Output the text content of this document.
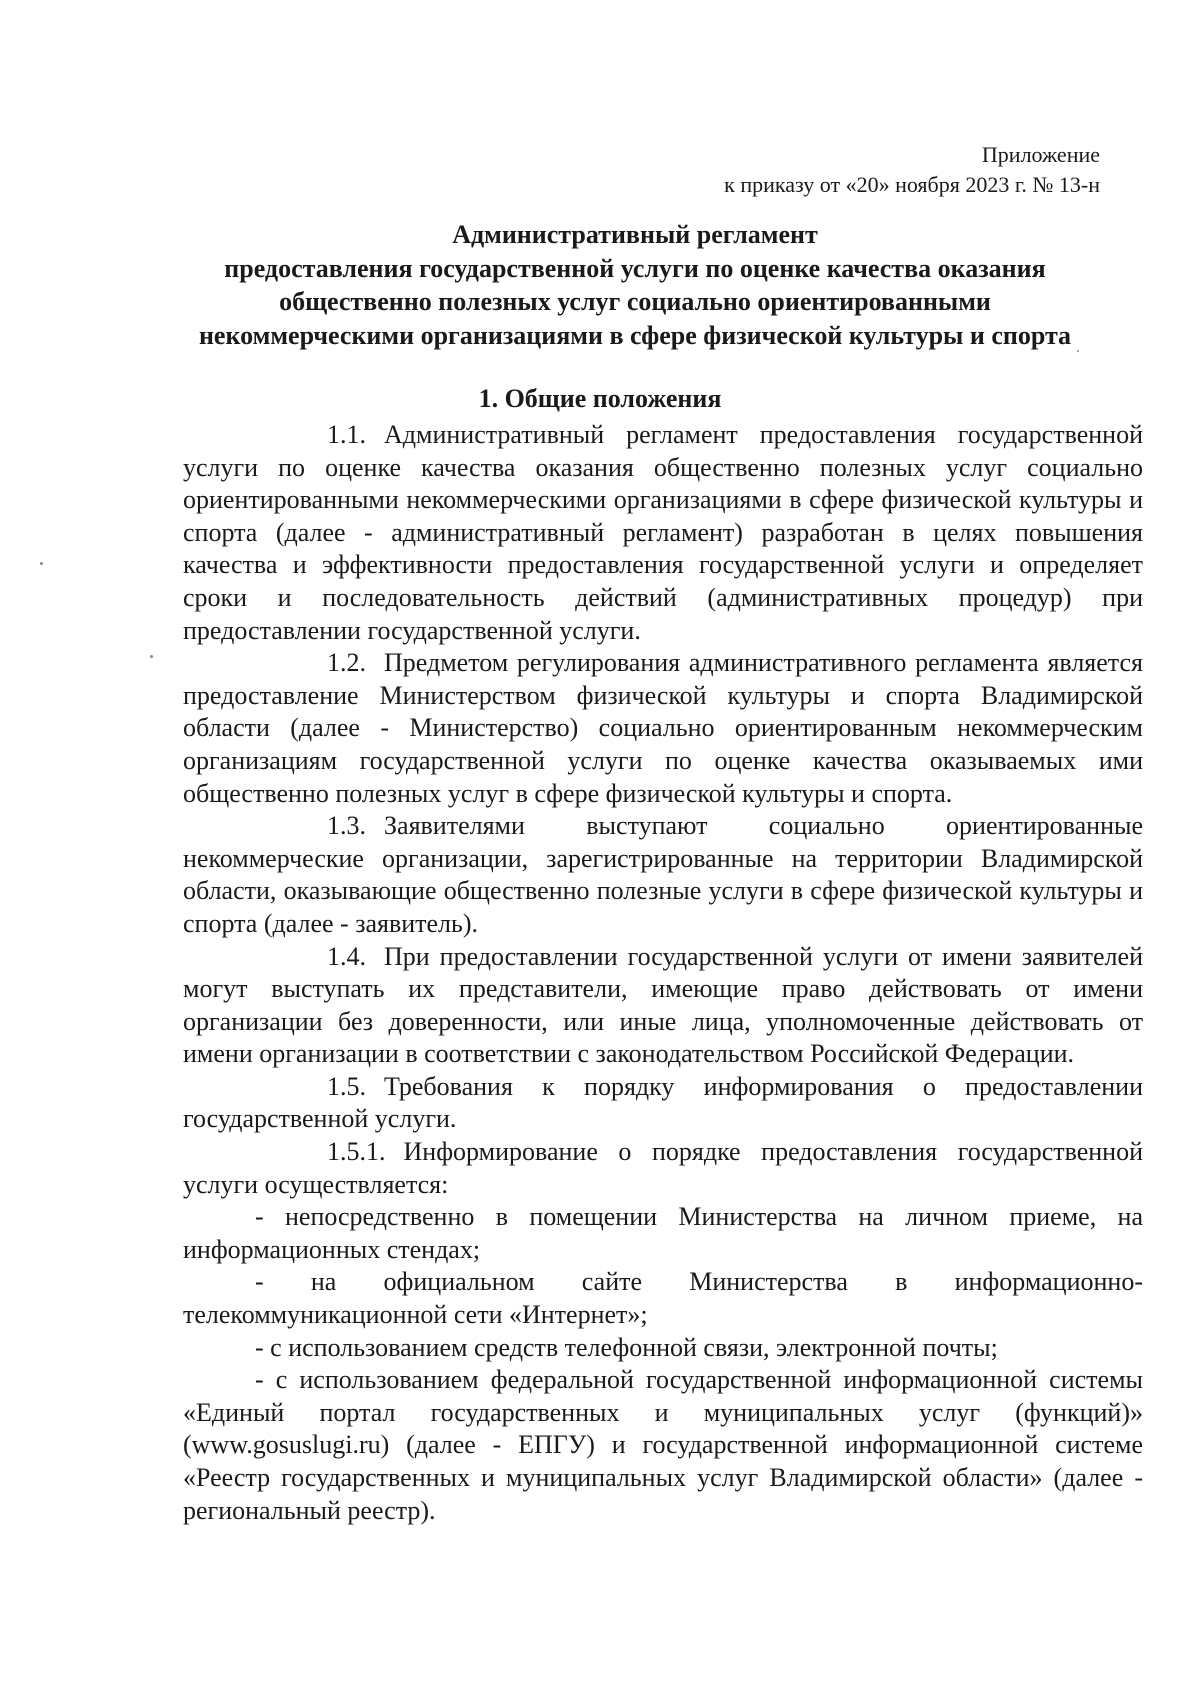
Приложение
к приказу от «20» ноября 2023 г. № 13-н
Административный регламент
предоставления государственной услуги по оценке качества оказания
общественно полезных услуг социально ориентированными
некоммерческими организациями в сфере физической культуры и спорта
1. Общие положения

1.1. Административный регламент предоставления государственной услуги по оценке качества оказания общественно полезных услуг социально ориентированными некоммерческими организациями в сфере физической культуры и спорта (далее - административный регламент) разработан в целях повышения качества и эффективности предоставления государственной услуги и определяет сроки и последовательность действий (административных процедур) при предоставлении государственной услуги.

1.2. Предметом регулирования административного регламента является предоставление Министерством физической культуры и спорта Владимирской области (далее - Министерство) социально ориентированным некоммерческим организациям государственной услуги по оценке качества оказываемых ими общественно полезных услуг в сфере физической культуры и спорта.

1.3. Заявителями выступают социально ориентированные некоммерческие организации, зарегистрированные на территории Владимирской области, оказывающие общественно полезные услуги в сфере физической культуры и спорта (далее - заявитель).

1.4. При предоставлении государственной услуги от имени заявителей могут выступать их представители, имеющие право действовать от имени организации без доверенности, или иные лица, уполномоченные действовать от имени организации в соответствии с законодательством Российской Федерации.

1.5. Требования к порядку информирования о предоставлении государственной услуги.

1.5.1. Информирование о порядке предоставления государственной услуги осуществляется:

- непосредственно в помещении Министерства на личном приеме, на информационных стендах;

- на официальном сайте Министерства в информационно-телекоммуникационной сети «Интернет»;

- с использованием средств телефонной связи, электронной почты;

- с использованием федеральной государственной информационной системы «Единый портал государственных и муниципальных услуг (функций)» (www.gosuslugi.ru) (далее - ЕПГУ) и государственной информационной системе «Реестр государственных и муниципальных услуг Владимирской области» (далее - региональный реестр).
